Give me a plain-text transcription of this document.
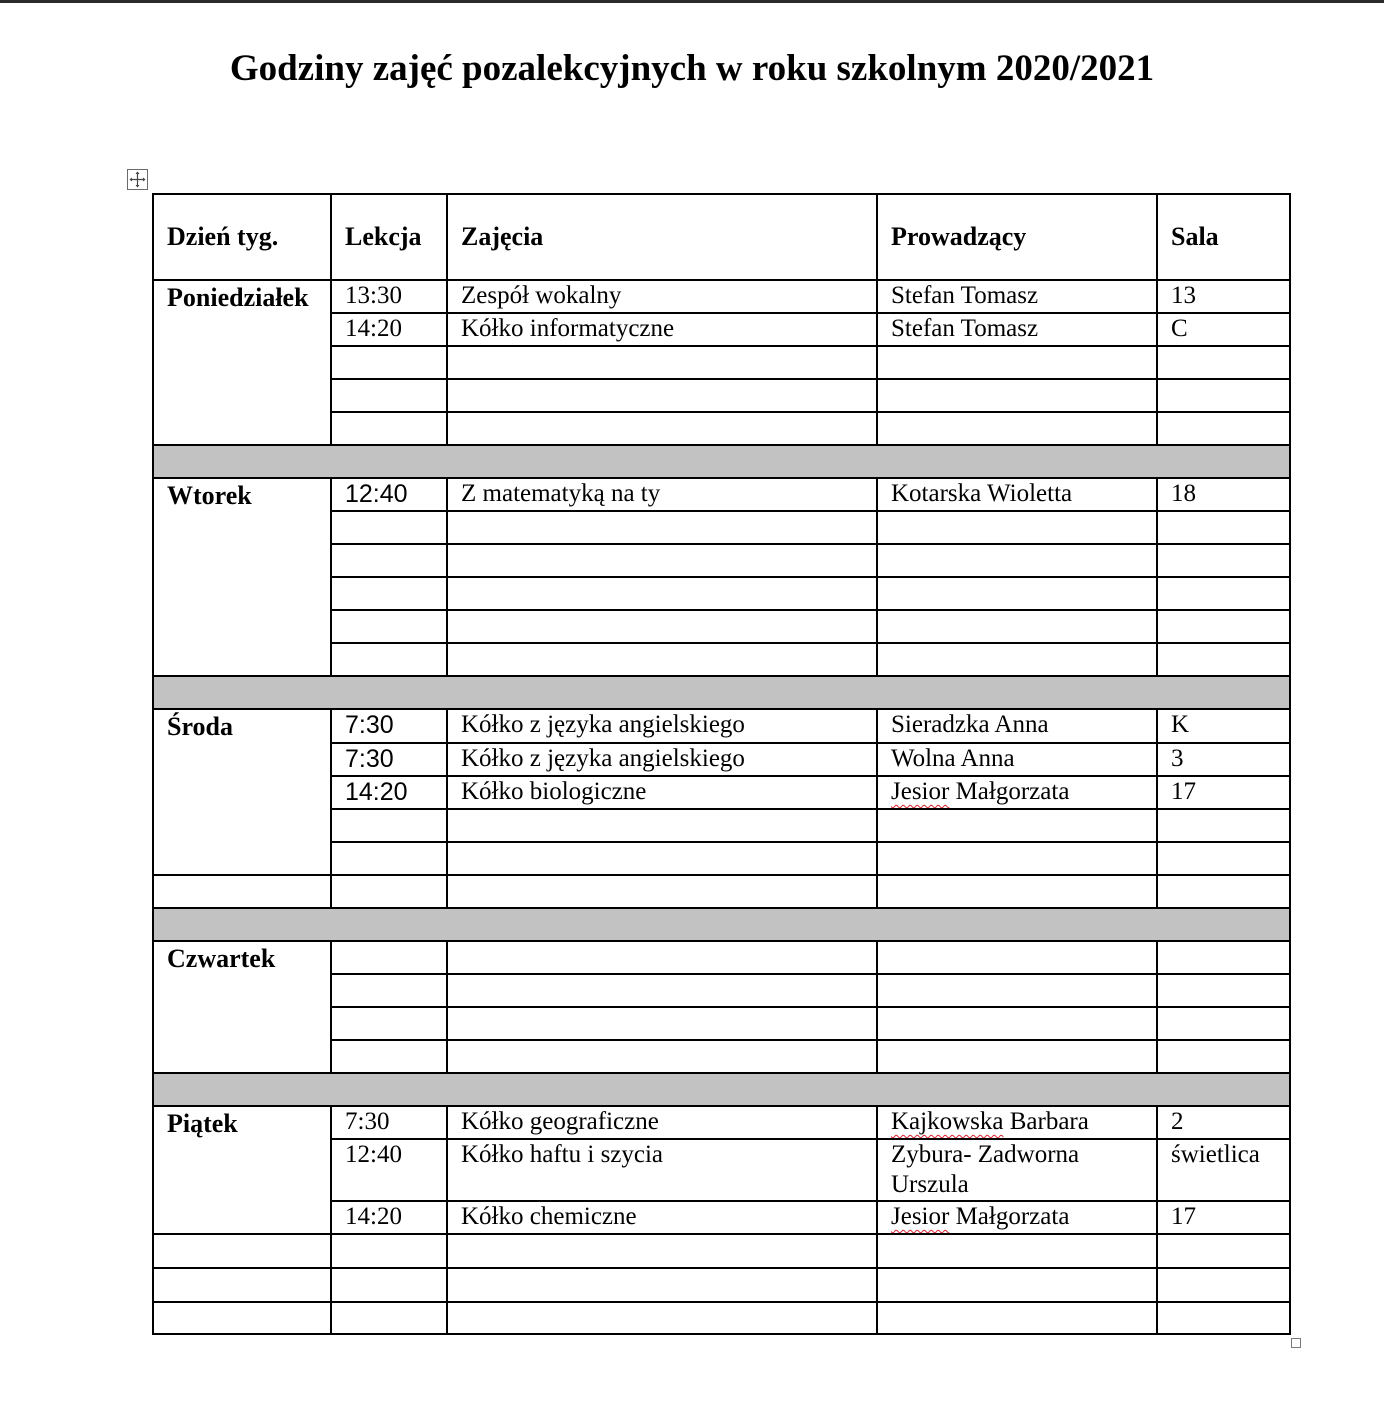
Godziny zajęć pozalekcyjnych w roku szkolnym 2020/2021
Dzień tyg.	Lekcja	Zajęcia	Prowadzący	Sala
Poniedziałek	13:30	Zespół wokalny	Stefan Tomasz	13
	14:20	Kółko informatyczne	Stefan Tomasz	C

Wtorek	12:40	Z matematyką na ty	Kotarska Wioletta	18

Środa	7:30	Kółko z języka angielskiego	Sieradzka Anna	K
	7:30	Kółko z języka angielskiego	Wolna Anna	3
	14:20	Kółko biologiczne	Jesior Małgorzata	17

Czwartek				

Piątek	7:30	Kółko geograficzne	Kajkowska Barbara	2
	12:40	Kółko haftu i szycia	Zybura- Zadworna Urszula	świetlica
	14:20	Kółko chemiczne	Jesior Małgorzata	17
